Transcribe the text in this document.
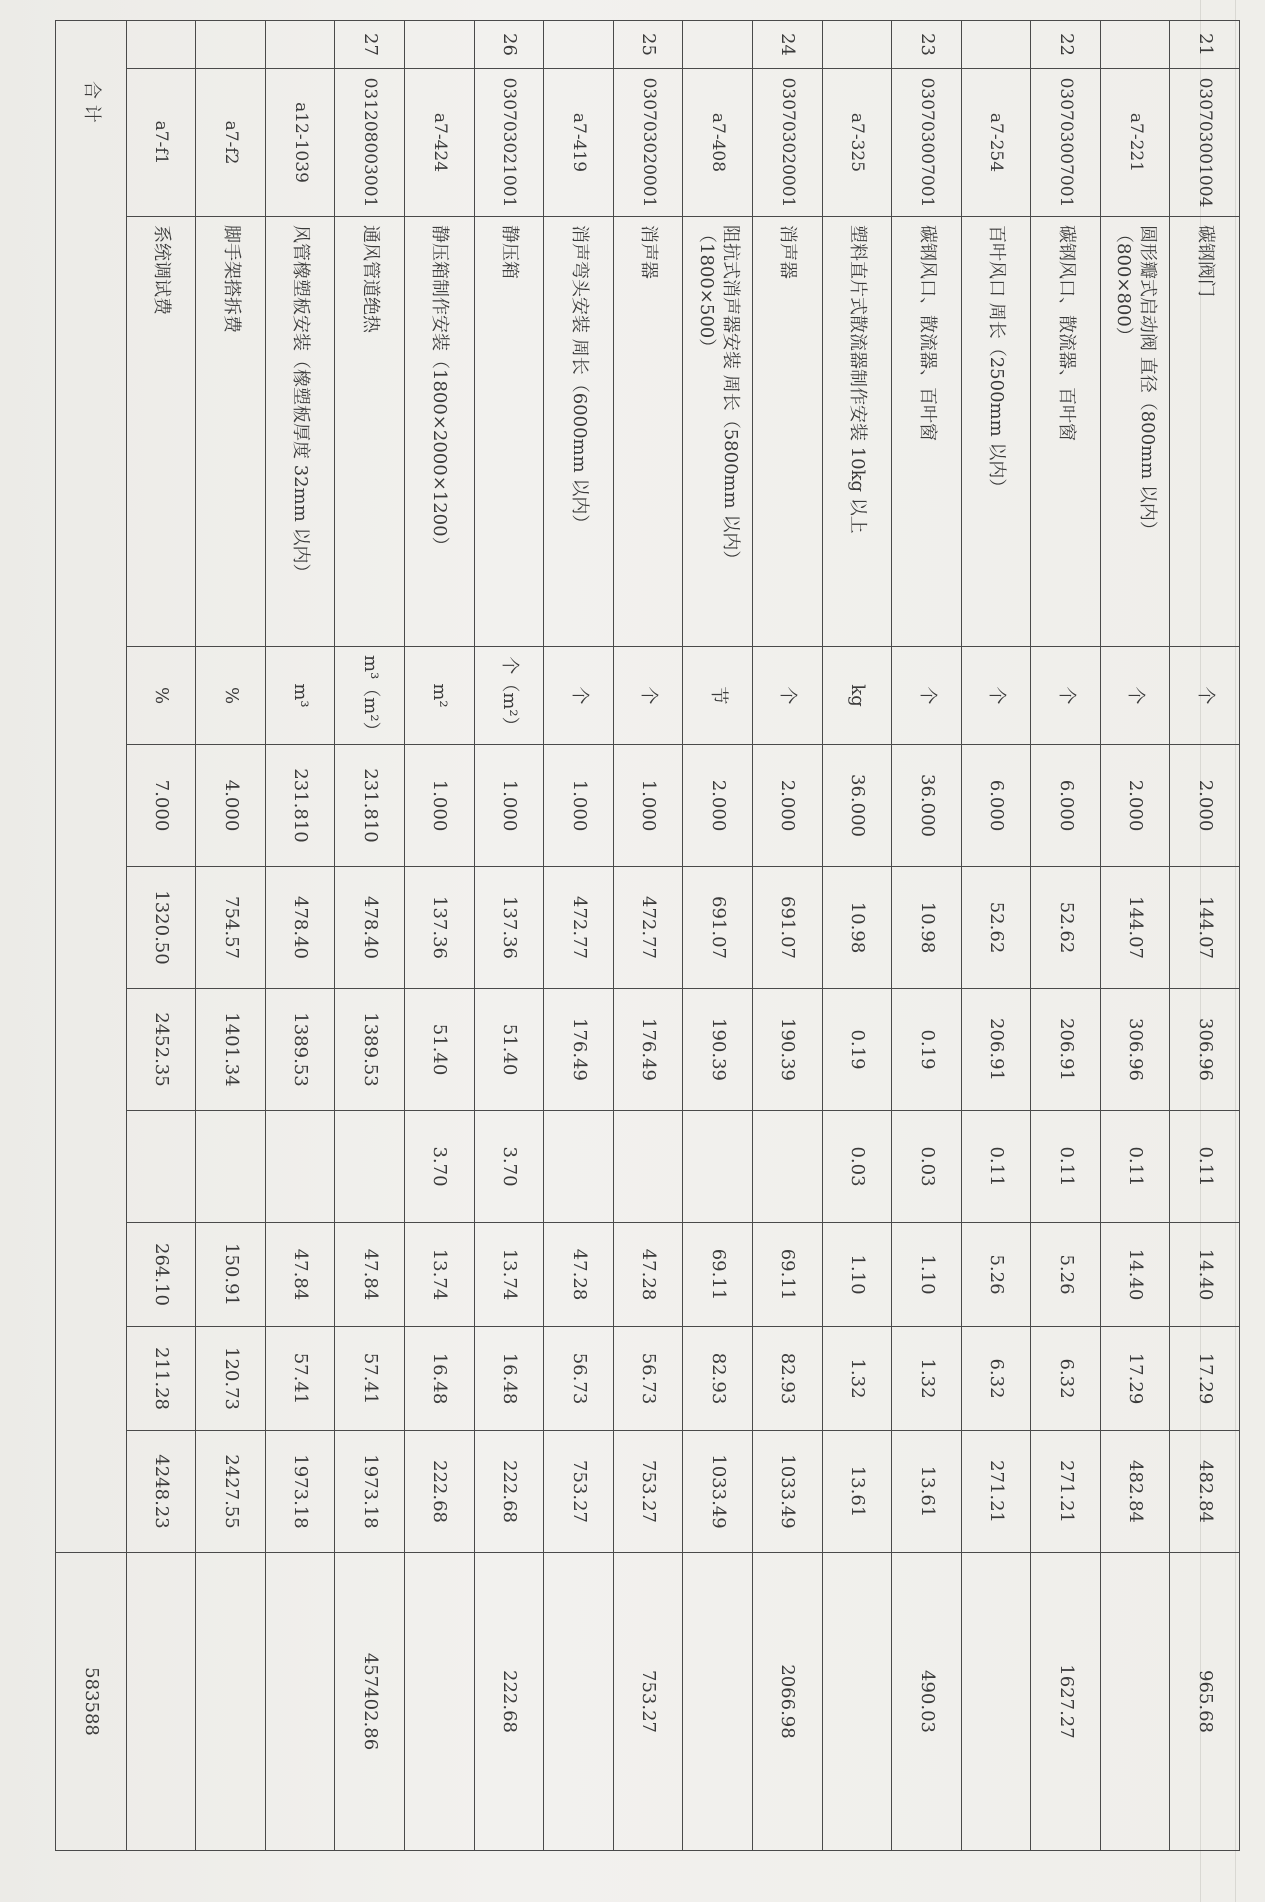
21	030703001004	碳钢阀门	个	2.000	144.07	306.96	0.11	14.40	17.29	482.84	965.68
	a7-221	圆形瓣式启动阀 直径（800mm 以内）（800×800）	个	2.000	144.07	306.96	0.11	14.40	17.29	482.84	
22	030703007001	碳钢风口、散流器、百叶窗	个	6.000	52.62	206.91	0.11	5.26	6.32	271.21	1627.27
	a7-254	百叶风口 周长（2500mm 以内）	个	6.000	52.62	206.91	0.11	5.26	6.32	271.21	
23	030703007001	碳钢风口、散流器、百叶窗	个	36.000	10.98	0.19	0.03	1.10	1.32	13.61	490.03
	a7-325	塑料直片式散流器制作安装 10kg 以上	kg	36.000	10.98	0.19	0.03	1.10	1.32	13.61	
24	030703020001	消声器	个	2.000	691.07	190.39		69.11	82.93	1033.49	2066.98
	a7-408	阻抗式消声器安装 周长（5800mm 以内）（1800×500）	节	2.000	691.07	190.39		69.11	82.93	1033.49	
25	030703020001	消声器	个	1.000	472.77	176.49		47.28	56.73	753.27	753.27
	a7-419	消声弯头安装 周长（6000mm 以内）	个	1.000	472.77	176.49		47.28	56.73	753.27	
26	030703021001	静压箱	个（m²）	1.000	137.36	51.40	3.70	13.74	16.48	222.68	222.68
	a7-424	静压箱制作安装（1800×2000×1200）	m²	1.000	137.36	51.40	3.70	13.74	16.48	222.68	
27	031208003001	通风管道绝热	m³（m²）	231.810	478.40	1389.53		47.84	57.41	1973.18	457402.86
	a12-1039	风管橡塑板安装（橡塑板厚度 32mm 以内）	m³	231.810	478.40	1389.53		47.84	57.41	1973.18	
	a7-f2	脚手架搭拆费	%	4.000	754.57	1401.34		150.91	120.73	2427.55	
	a7-f1	系统调试费	%	7.000	1320.50	2452.35		264.10	211.28	4248.23	
合 计											583588
